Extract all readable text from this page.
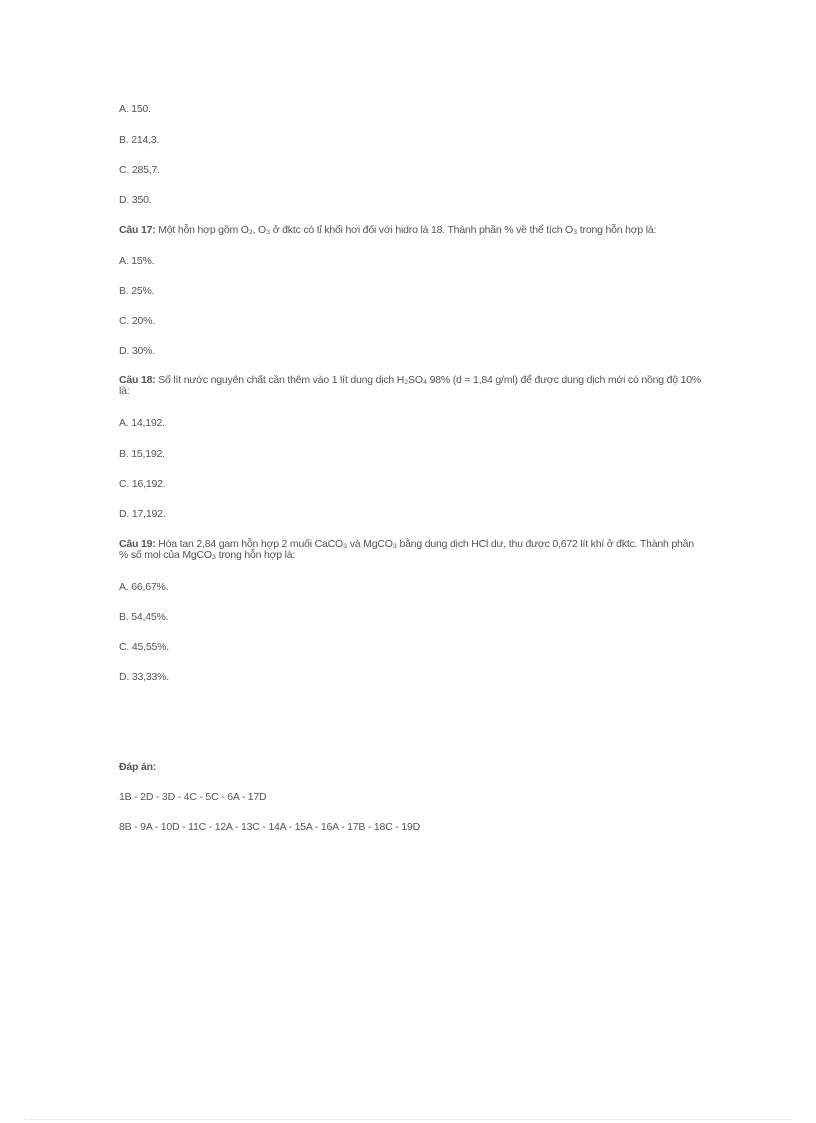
A. 150.
B. 214,3.
C. 285,7.
D. 350.
Câu 17: Một hỗn hợp gồm O₂, O₃ ở đktc có tỉ khối hơi đối với hidro là 18. Thành phần % về thể tích O₃ trong hỗn hợp là:
A. 15%.
B. 25%.
C. 20%.
D. 30%.
Câu 18: Số lít nước nguyên chất cần thêm vào 1 lít dung dịch H₂SO₄ 98% (d = 1,84 g/ml) để được dung dịch mới có nồng độ 10% là:
A. 14,192.
B. 15,192.
C. 16,192.
D. 17,192.
Câu 19: Hòa tan 2,84 gam hỗn hợp 2 muối CaCO₃ và MgCO₃ bằng dung dịch HCl dư, thu được 0,672 lít khí ở đktc. Thành phần % số mol của MgCO₃ trong hỗn hợp là:
A. 66,67%.
B. 54,45%.
C. 45,55%.
D. 33,33%.
Đáp án:
1B - 2D - 3D - 4C - 5C - 6A - 17D
8B - 9A - 10D - 11C - 12A - 13C - 14A - 15A - 16A - 17B - 18C - 19D
